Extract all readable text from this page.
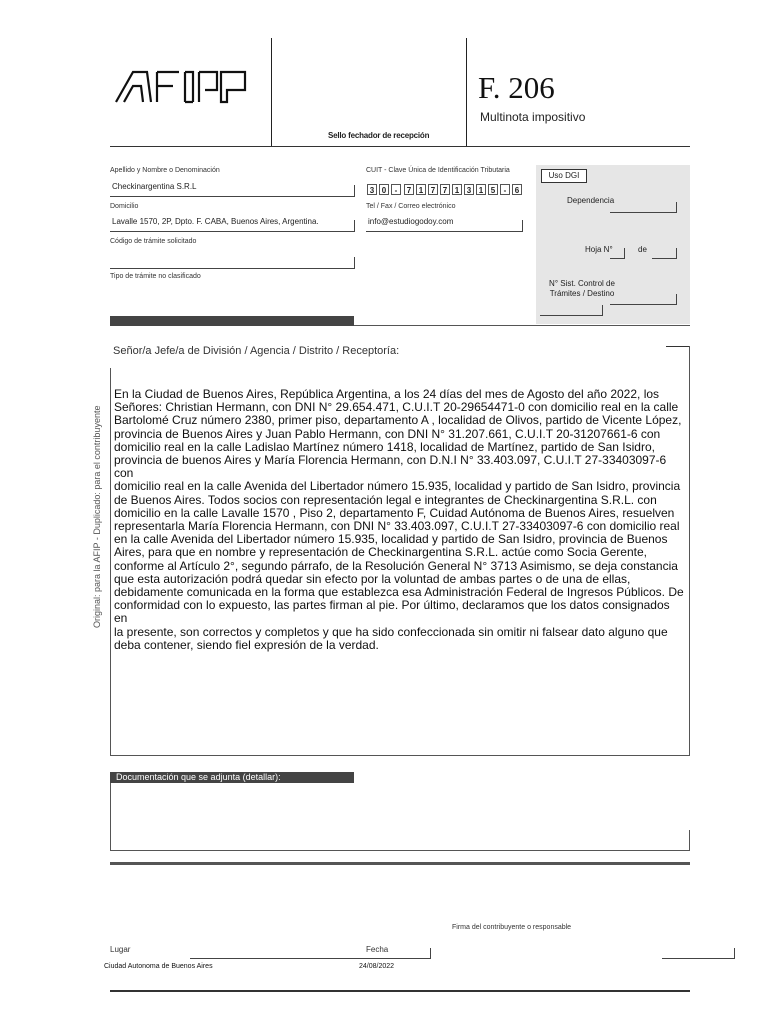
Sello fechador de recepción
F. 206
Multinota impositivo
Apellido y Nombre o Denominación
Checkinargentina S.R.L
Domicilio
Lavalle 1570, 2P, Dpto. F. CABA, Buenos Aires, Argentina.
Código de trámite solicitado
Tipo de trámite no clasificado
CUIT - Clave Única de Identificación Tributaria
3 0	-	7 1 7 7 1 3 1 5	-	6
Tel / Fax / Correo electrónico
info@estudiogodoy.com
Uso DGI
Dependencia
Hoja N°	de
N° Sist. Control de Trámites / Destino
Señor/a Jefe/a de División / Agencia / Distrito / Receptoría:
En la Ciudad de Buenos Aires, República Argentina, a los 24 días del mes de Agosto del año 2022, los
Señores: Christian Hermann, con DNI N° 29.654.471, C.U.I.T 20-29654471-0 con domicilio real en la calle
Bartolomé Cruz número 2380, primer piso, departamento A , localidad de Olivos, partido de Vicente López,
provincia de Buenos Aires y Juan Pablo Hermann, con DNI N° 31.207.661, C.U.I.T 20-31207661-6 con
domicilio real en la calle Ladislao Martínez número 1418, localidad de Martínez, partido de San Isidro,
provincia de buenos Aires y María Florencia Hermann, con D.N.I N° 33.403.097, C.U.I.T 27-33403097-6 con
domicilio real en la calle Avenida del Libertador número 15.935, localidad y partido de San Isidro, provincia
de Buenos Aires. Todos socios con representación legal e integrantes de Checkinargentina S.R.L. con
domicilio en la calle Lavalle 1570 , Piso 2, departamento F, Cuidad Autónoma de Buenos Aires, resuelven
representarla María Florencia Hermann, con DNI N° 33.403.097, C.U.I.T 27-33403097-6 con domicilio real
en la calle Avenida del Libertador número 15.935, localidad y partido de San Isidro, provincia de Buenos
Aires, para que en nombre y representación de Checkinargentina S.R.L. actúe como Socia Gerente,
conforme al Artículo 2°, segundo párrafo, de la Resolución General N° 3713 Asimismo, se deja constancia
que esta autorización podrá quedar sin efecto por la voluntad de ambas partes o de una de ellas,
debidamente comunicada en la forma que establezca esa Administración Federal de Ingresos Públicos. De
conformidad con lo expuesto, las partes firman al pie. Por último, declaramos que los datos consignados en
la presente, son correctos y completos y que ha sido confeccionada sin omitir ni falsear dato alguno que
deba contener, siendo fiel expresión de la verdad.
Original: para la AFIP - Duplicado: para el contribuyente
Documentación que se adjunta (detallar):
Firma del contribuyente o responsable
Lugar
Ciudad Autonoma de Buenos Aires
Fecha
24/08/2022
